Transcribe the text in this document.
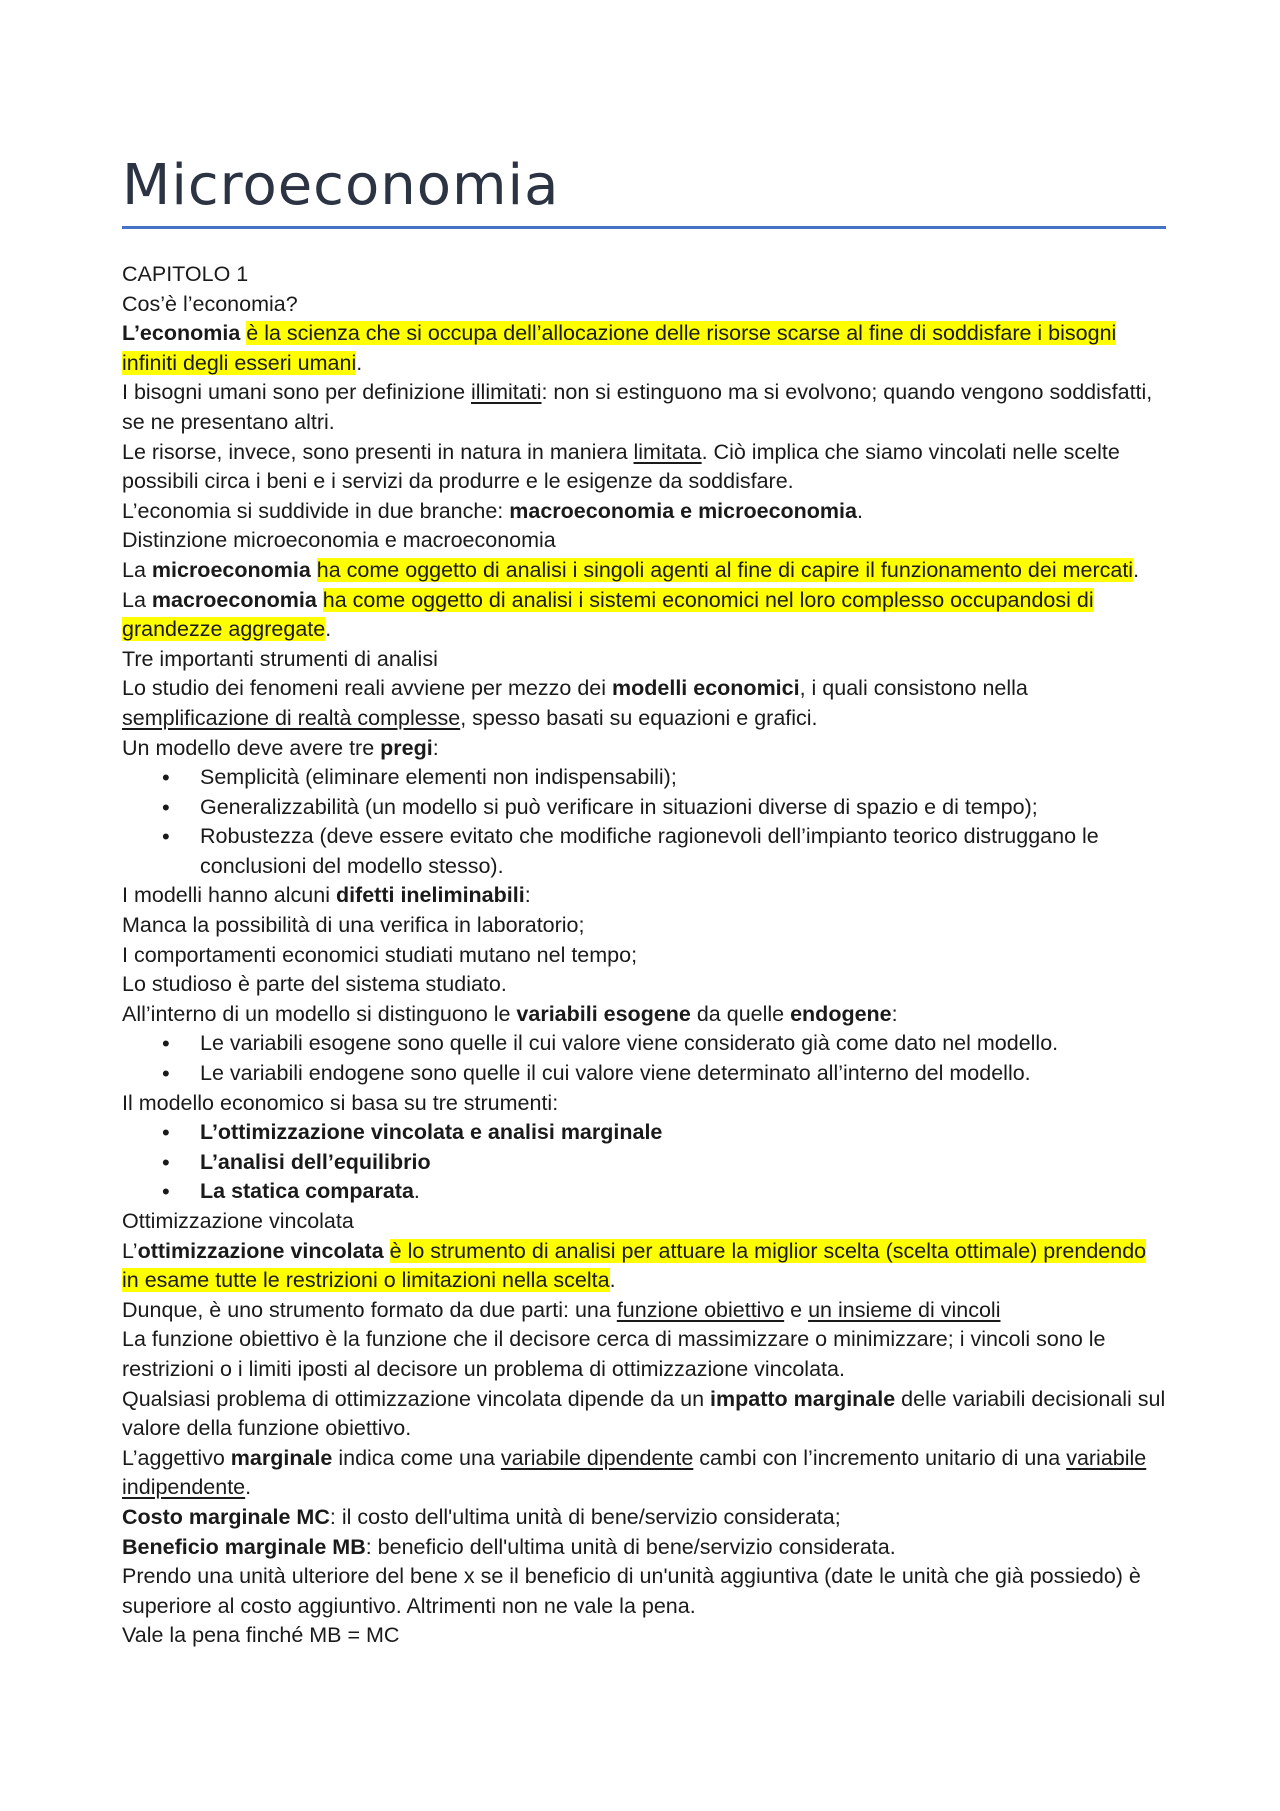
Microeconomia

CAPITOLO 1

Cos’è l’economia?

L’economia è la scienza che si occupa dell’allocazione delle risorse scarse al fine di soddisfare i bisogni infiniti degli esseri umani.

I bisogni umani sono per definizione illimitati: non si estinguono ma si evolvono; quando vengono soddisfatti, se ne presentano altri.

Le risorse, invece, sono presenti in natura in maniera limitata. Ciò implica che siamo vincolati nelle scelte possibili circa i beni e i servizi da produrre e le esigenze da soddisfare.

L’economia si suddivide in due branche: macroeconomia e microeconomia.

Distinzione microeconomia e macroeconomia

La microeconomia ha come oggetto di analisi i singoli agenti al fine di capire il funzionamento dei mercati.

La macroeconomia ha come oggetto di analisi i sistemi economici nel loro complesso occupandosi di grandezze aggregate.

Tre importanti strumenti di analisi

Lo studio dei fenomeni reali avviene per mezzo dei modelli economici, i quali consistono nella semplificazione di realtà complesse, spesso basati su equazioni e grafici.

Un modello deve avere tre pregi:

• Semplicità (eliminare elementi non indispensabili);
• Generalizzabilità (un modello si può verificare in situazioni diverse di spazio e di tempo);
• Robustezza (deve essere evitato che modifiche ragionevoli dell’impianto teorico distruggano le conclusioni del modello stesso).

I modelli hanno alcuni difetti ineliminabili:

Manca la possibilità di una verifica in laboratorio;

I comportamenti economici studiati mutano nel tempo;

Lo studioso è parte del sistema studiato.

All’interno di un modello si distinguono le variabili esogene da quelle endogene:

• Le variabili esogene sono quelle il cui valore viene considerato già come dato nel modello.
• Le variabili endogene sono quelle il cui valore viene determinato all’interno del modello.

Il modello economico si basa su tre strumenti:

• L’ottimizzazione vincolata e analisi marginale
• L’analisi dell’equilibrio
• La statica comparata.

Ottimizzazione vincolata

L’ottimizzazione vincolata è lo strumento di analisi per attuare la miglior scelta (scelta ottimale) prendendo in esame tutte le restrizioni o limitazioni nella scelta.

Dunque, è uno strumento formato da due parti: una funzione obiettivo e un insieme di vincoli

La funzione obiettivo è la funzione che il decisore cerca di massimizzare o minimizzare; i vincoli sono le restrizioni o i limiti iposti al decisore un problema di ottimizzazione vincolata.

Qualsiasi problema di ottimizzazione vincolata dipende da un impatto marginale delle variabili decisionali sul valore della funzione obiettivo.

L’aggettivo marginale indica come una variabile dipendente cambi con l’incremento unitario di una variabile indipendente.

Costo marginale MC: il costo dell'ultima unità di bene/servizio considerata;

Beneficio marginale MB: beneficio dell'ultima unità di bene/servizio considerata.

Prendo una unità ulteriore del bene x se il beneficio di un'unità aggiuntiva (date le unità che già possiedo) è superiore al costo aggiuntivo. Altrimenti non ne vale la pena.

Vale la pena finché MB = MC
